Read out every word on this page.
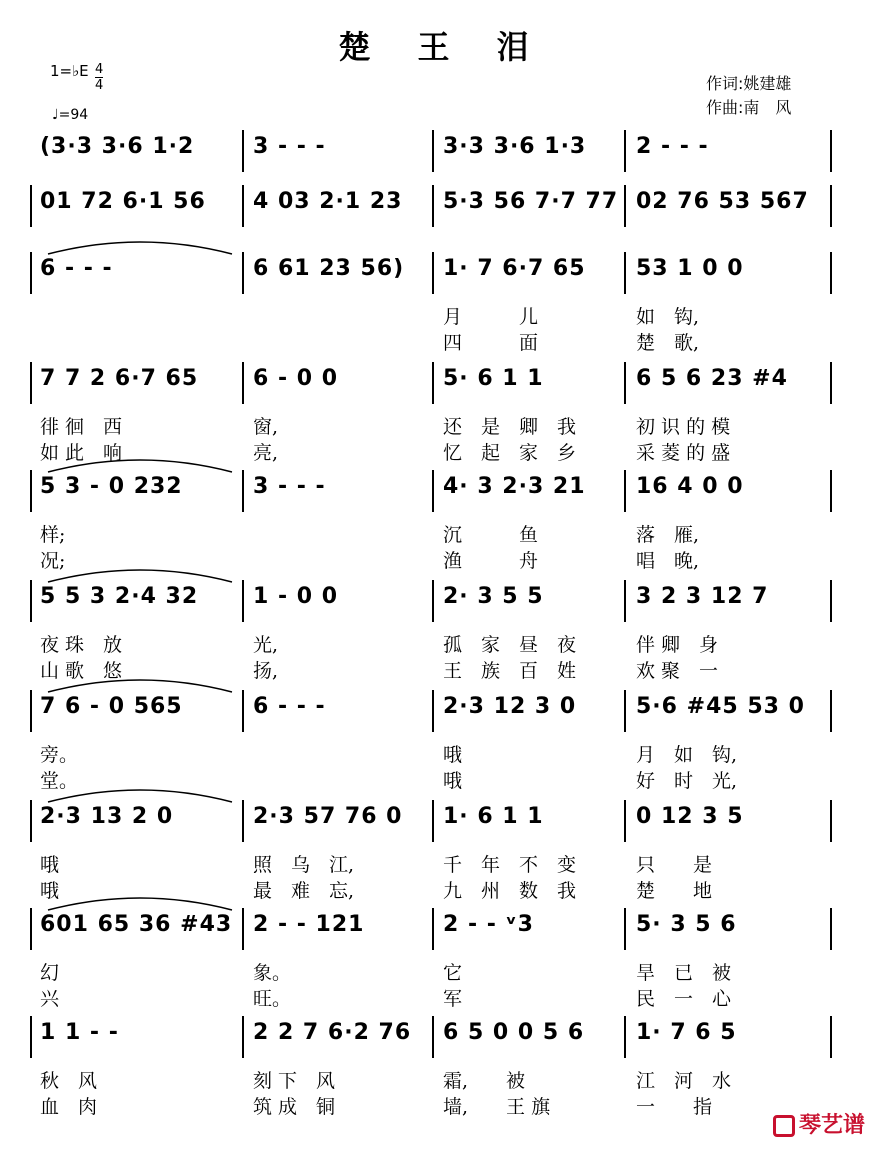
楚 王 泪
1=♭E $\frac{4}{4}$
♩=94
作词:姚建雄
作曲:南　风
(3·3 3·6 1·2	3 - - -	3·3 3·6 1·3 2 - - -
01 72 6·1 56 4 03 2·1 23 5·3 56 7·7 77 02 76 53 567
6 - - -	6 61 23 56) 1· 7 6·7 65
月　　　儿
四　　　面
53 1 0 0
如　钩,
楚　歌,
7 7 2 6·7 65
徘 徊　西
如 此　响
6 - 0 0
窗,
亮,
5· 6 1 1
还　是　卿　我
忆　起　家　乡
6 5 6 23 #4
初 识 的 模
采 菱 的 盛
5 3 - 0 232
样;
况;
3 - - -	4· 3 2·3 21
沉　　　鱼
渔　　　舟
16 4 0 0
落　雁,
唱　晚,
5 5 3 2·4 32
夜 珠　放
山 歌　悠
1 - 0 0
光,
扬,
2· 3 5 5
孤　家　昼　夜
王　族　百　姓
3 2 3 12 7
伴 卿　身
欢 聚　一
7 6 - 0 565
旁。
堂。
6 - - -	2·3 12 3 0
哦
哦
5·6 #45 53 0
月　如　钩,
好　时　光,
2·3 13 2 0
哦
哦
2·3 57 76 0
照　乌　江,
最　难　忘,
1· 6 1 1
千　年　不　变
九　州　数　我
0 12 3 5
只　　是
楚　　地
601 65 36 #43
幻
兴
2 - - 121
象。
旺。
2 - - ᵛ3
它
军
5· 3 5 6
旱　已　被
民　一　心
1 1 - -
秋　风
血　肉
2 2 7 6·2 76
刻 下　风
筑 成　铜
6 5 0 0 5 6
霜,　　被
墙,　　王 旗
1· 7 6 5
江　河　水
一　　指
琴艺谱
